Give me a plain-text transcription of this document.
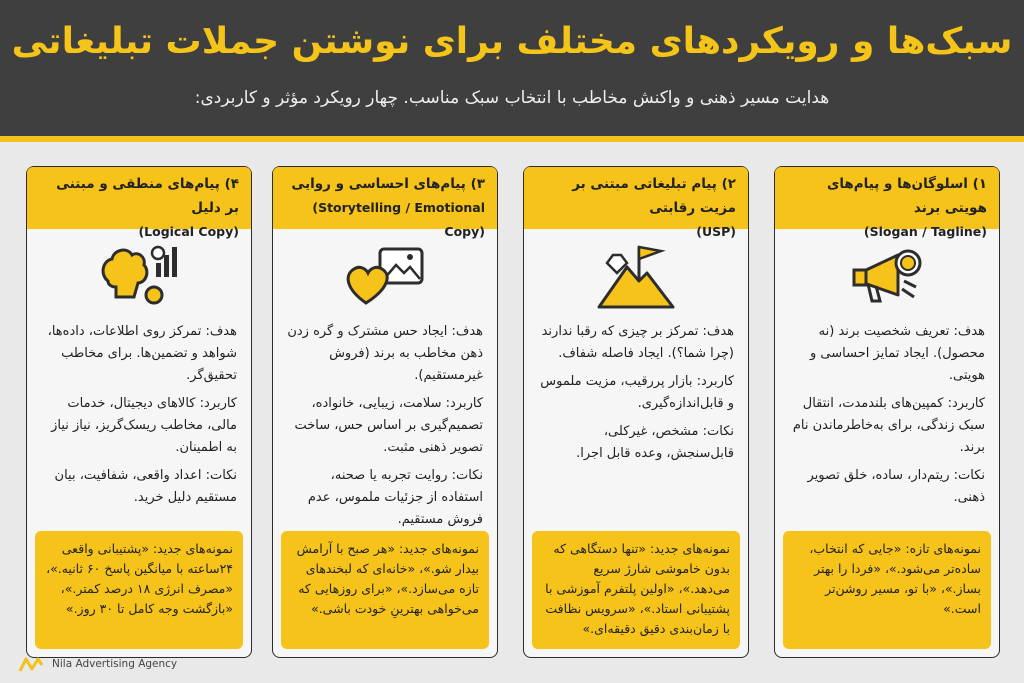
سبک‌ها و رویکردهای مختلف برای نوشتن جملات تبلیغاتی
هدایت مسیر ذهنی و واکنش مخاطب با انتخاب سبک مناسب. چهار رویکرد مؤثر و کاربردی:
۱) اسلوگان‌ها و پیام‌های هویتی برند
(Slogan / Tagline)

هدف: تعریف شخصیت برند (نه محصول). ایجاد تمایز احساسی و هویتی.

کاربرد: کمپین‌های بلندمدت، انتقال سبک زندگی، برای به‌خاطرماندن نام برند.

نکات: ریتم‌دار، ساده، خلق تصویر ذهنی.

نمونه‌های تازه: «جایی که انتخاب، ساده‌تر می‌شود.»، «فردا را بهتر بساز.»، «با تو، مسیر روشن‌تر است.»
۲) پیام تبلیغاتی مبتنی بر مزیت رقابتی
(USP)

هدف: تمرکز بر چیزی که رقبا ندارند (چرا شما؟). ایجاد فاصله شفاف.

کاربرد: بازار پررقیب، مزیت ملموس و قابل‌اندازه‌گیری.

نکات: مشخص، غیرکلی، قابل‌سنجش، وعده قابل اجرا.

نمونه‌های جدید: «تنها دستگاهی که بدون خاموشی شارژ سریع می‌دهد.»، «اولین پلتفرم آموزشی با پشتیبانی استاد.»، «سرویس نظافت با زمان‌بندی دقیق دقیقه‌ای.»
۳) پیام‌های احساسی و روایی
(Storytelling / Emotional Copy)

هدف: ایجاد حس مشترک و گره زدن ذهن مخاطب به برند (فروش غیرمستقیم).

کاربرد: سلامت، زیبایی، خانواده، تصمیم‌گیری بر اساس حس، ساخت تصویر ذهنی مثبت.

نکات: روایت تجربه یا صحنه، استفاده از جزئیات ملموس، عدم فروش مستقیم.

نمونه‌های جدید: «هر صبح با آرامش بیدار شو.»، «خانه‌ای که لبخندهای تازه می‌سازد.»، «برای روزهایی که می‌خواهی بهترینِ خودت باشی.»
۴) پیام‌های منطقی و مبتنی بر دلیل
(Logical Copy)

هدف: تمرکز روی اطلاعات، داده‌ها، شواهد و تضمین‌ها. برای مخاطب تحقیق‌گر.

کاربرد: کالاهای دیجیتال، خدمات مالی، مخاطب ریسک‌گریز، نیاز نیاز به اطمینان.

نکات: اعداد واقعی، شفافیت، بیان مستقیم دلیل خرید.

نمونه‌های جدید: «پشتیبانی واقعی ۲۴ساعته با میانگین پاسخ ۶۰ ثانیه.»، «مصرف انرژی ۱۸ درصد کمتر.»، «بازگشت وجه کامل تا ۳۰ روز.»
Nila Advertising Agency
